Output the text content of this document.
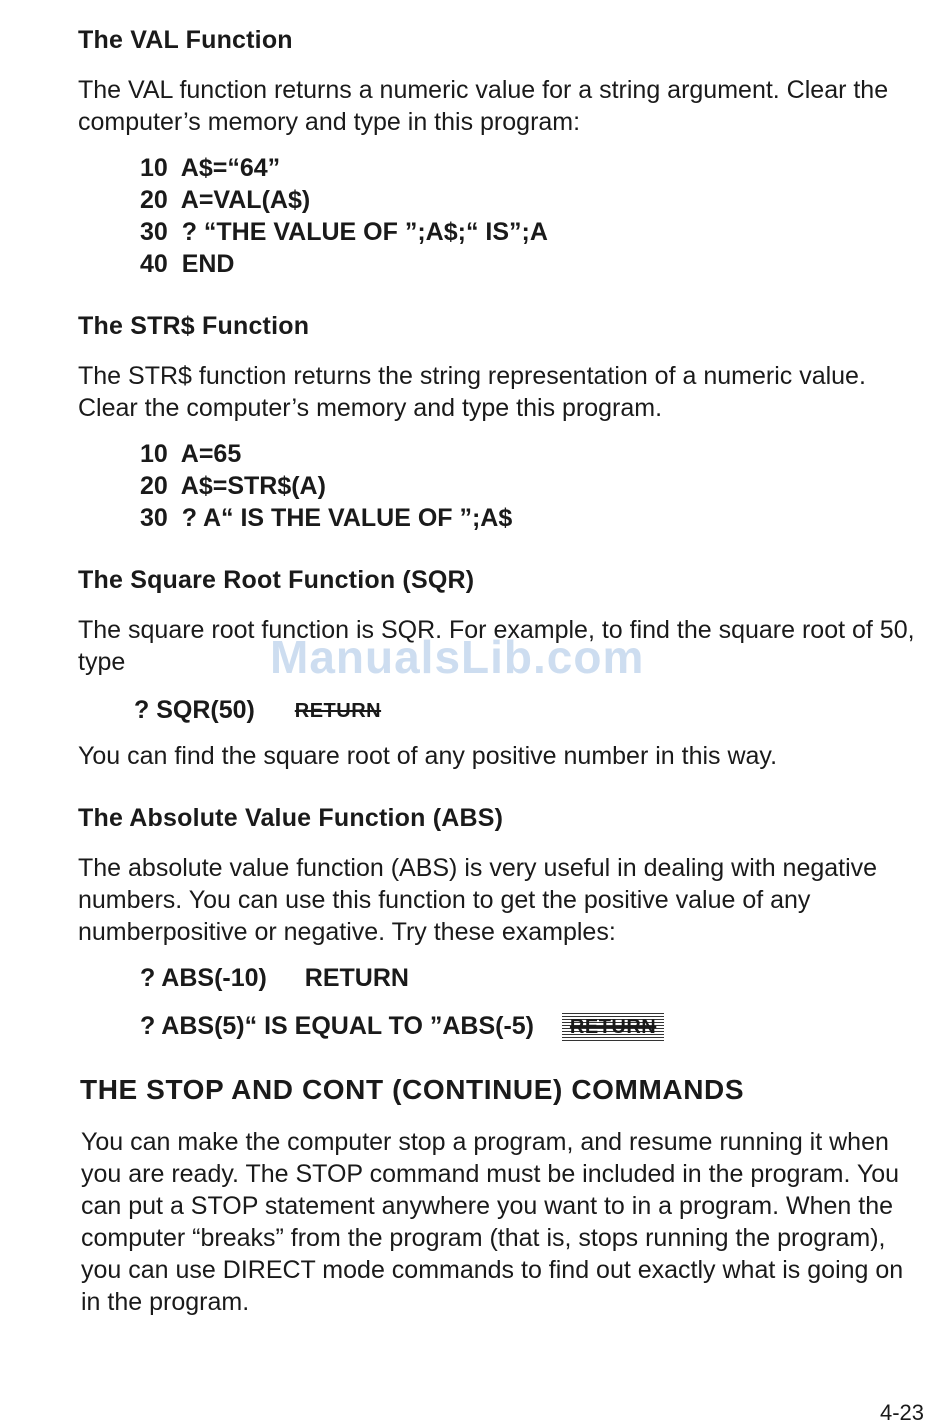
The VAL Function

The VAL function returns a numeric value for a string argument. Clear the computer’s memory and type in this program:

10  A$=“64”
20  A=VAL(A$)
30  ? “THE VALUE OF ”;A$;“ IS”;A
40  END
The STR$ Function

The STR$ function returns the string representation of a numeric value. Clear the computer’s memory and type this program.

10  A=65
20  A$=STR$(A)
30  ? A“ IS THE VALUE OF ”;A$
The Square Root Function (SQR)

The square root function is SQR. For example, to find the square root of 50, type

? SQR(50) RETURN

You can find the square root of any positive number in this way.

The Absolute Value Function (ABS)

The absolute value function (ABS) is very useful in dealing with negative numbers. You can use this function to get the positive value of any numberpositive or negative. Try these examples:

? ABS(-10) RETURN
? ABS(5)“ IS EQUAL TO ”ABS(-5) RETURN
THE STOP AND CONT (CONTINUE) COMMANDS

You can make the computer stop a program, and resume running it when you are ready. The STOP command must be included in the program. You can put a STOP statement anywhere you want to in a program. When the computer “breaks” from the program (that is, stops running the program), you can use DIRECT mode commands to find out exactly what is going on in the program.

ManualsLib.com
4-23
